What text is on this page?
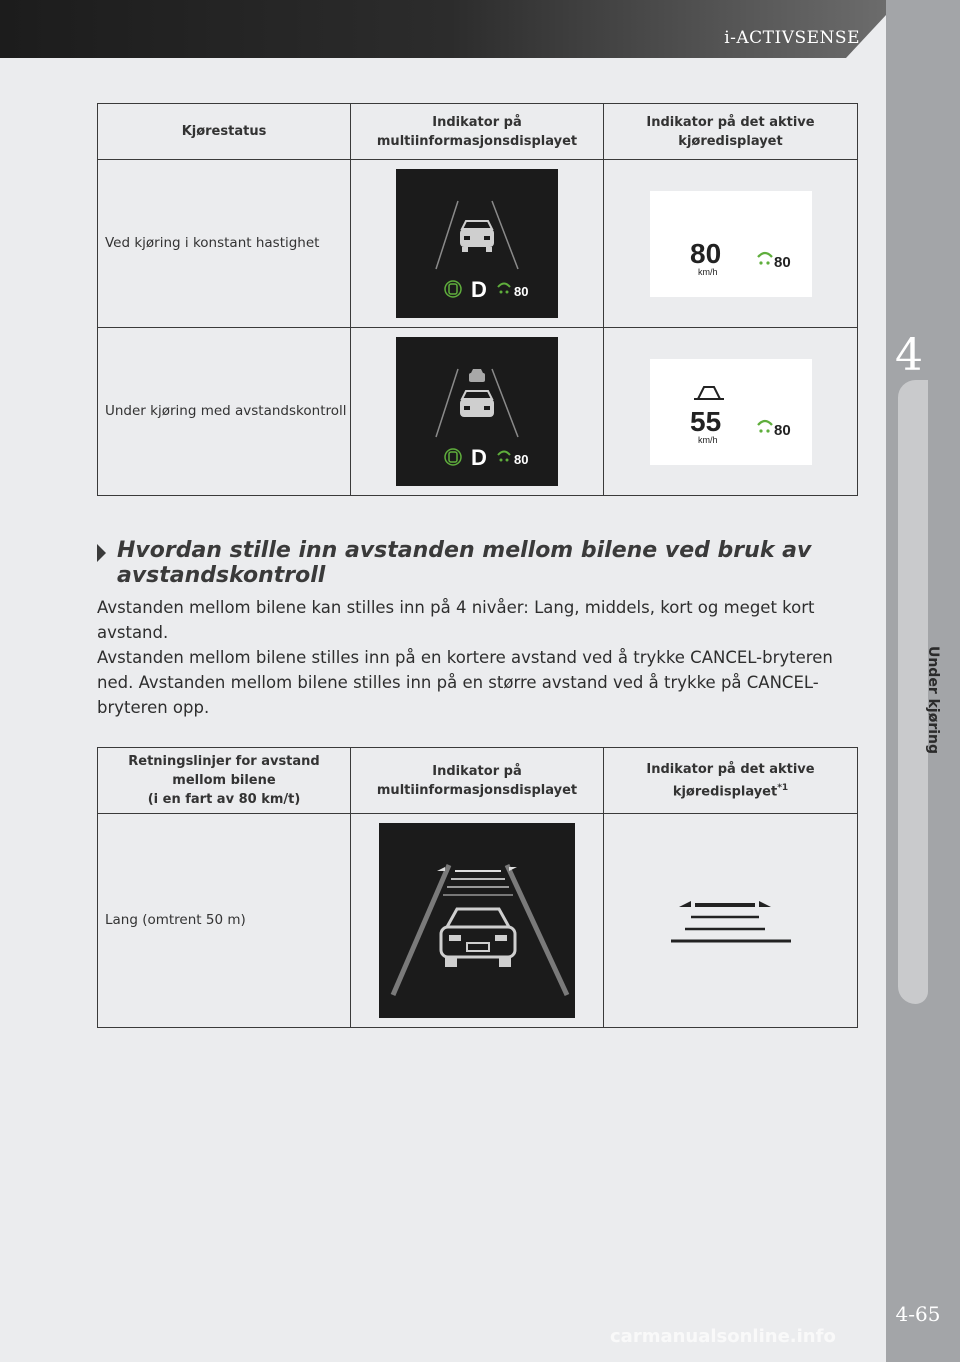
i-ACTIVSENSE
4
Under kjøring
Kjørestatus	Indikator på multiinformasjonsdisplayet	Indikator på det aktive kjøredisplayet
Ved kjøring i konstant hastighet	D 80	80
km/h
80

Under kjøring med avstandskontroll	D 80	55
km/h
80
Hvordan stille inn avstanden mellom bilene ved bruk av avstandskontroll

Avstanden mellom bilene kan stilles inn på 4 nivåer: Lang, middels, kort og meget kort avstand.

Avstanden mellom bilene stilles inn på en kortere avstand ved å trykke CANCEL-bryteren ned. Avstanden mellom bilene stilles inn på en større avstand ved å trykke på CANCEL-bryteren opp.

Retningslinjer for avstand mellom bilene
(i en fart av 80 km/t)	Indikator på multiinformasjonsdisplayet	Indikator på det aktive kjøredisplayet$^{*1}$
Lang (omtrent 50 m)		
4-65
carmanualsonline.info
